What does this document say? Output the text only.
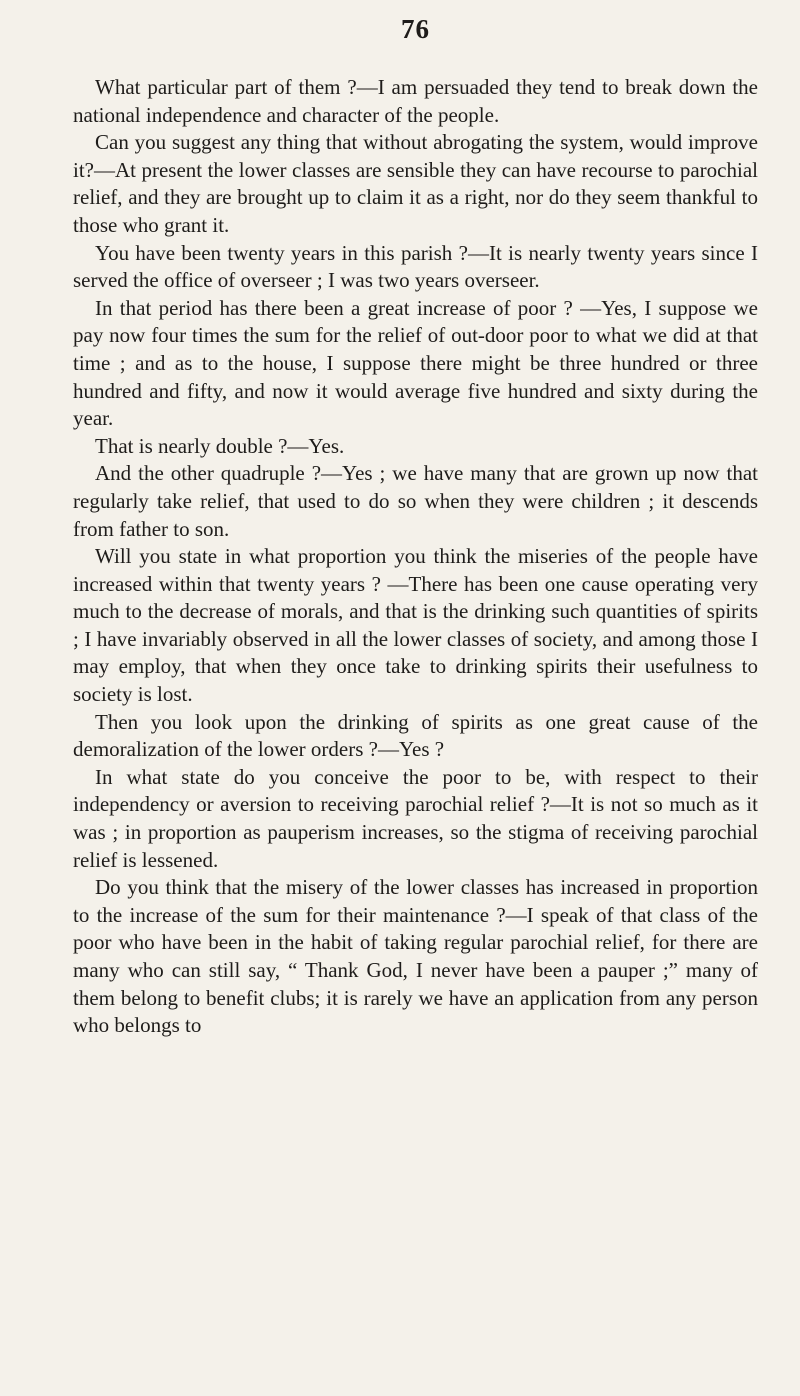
76

What particular part of them ?—I am persuaded they tend to break down the national independence and character of the people.

Can you suggest any thing that without abrogating the system, would improve it?—At present the lower classes are sensible they can have recourse to parochial relief, and they are brought up to claim it as a right, nor do they seem thankful to those who grant it.

You have been twenty years in this parish ?—It is nearly twenty years since I served the office of overseer ; I was two years overseer.

In that period has there been a great increase of poor ? —Yes, I suppose we pay now four times the sum for the relief of out-door poor to what we did at that time ; and as to the house, I suppose there might be three hundred or three hundred and fifty, and now it would average five hundred and sixty during the year.

That is nearly double ?—Yes.

And the other quadruple ?—Yes ; we have many that are grown up now that regularly take relief, that used to do so when they were children ; it descends from father to son.

Will you state in what proportion you think the miseries of the people have increased within that twenty years ? —There has been one cause operating very much to the decrease of morals, and that is the drinking such quantities of spirits ; I have invariably observed in all the lower classes of society, and among those I may employ, that when they once take to drinking spirits their usefulness to society is lost.

Then you look upon the drinking of spirits as one great cause of the demoralization of the lower orders ?—Yes ?

In what state do you conceive the poor to be, with respect to their independency or aversion to receiving parochial relief ?—It is not so much as it was ; in proportion as pauperism increases, so the stigma of receiving parochial relief is lessened.

Do you think that the misery of the lower classes has increased in proportion to the increase of the sum for their maintenance ?—I speak of that class of the poor who have been in the habit of taking regular parochial relief, for there are many who can still say, “ Thank God, I never have been a pauper ;” many of them belong to benefit clubs; it is rarely we have an application from any person who belongs to
